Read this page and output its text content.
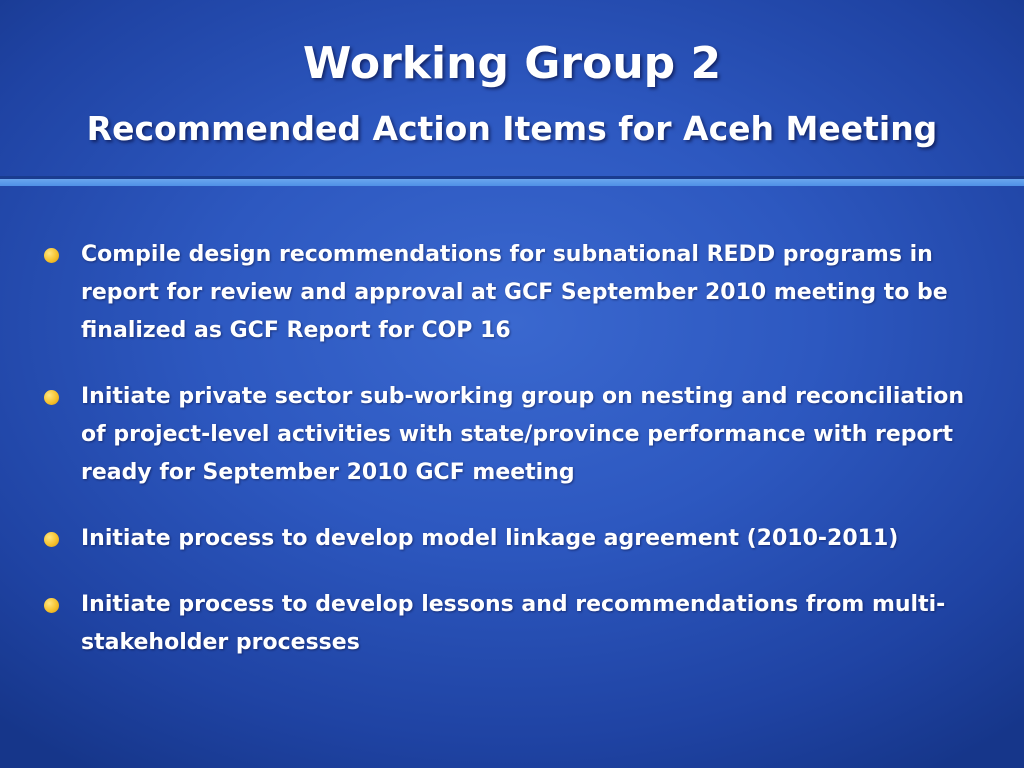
Working Group 2
Recommended Action Items for Aceh Meeting
Compile design recommendations for subnational REDD programs in report for review and approval at GCF September 2010 meeting to be finalized as GCF Report for COP 16
Initiate private sector sub-working group on nesting and reconciliation of project-level activities with state/province performance with report ready for September 2010 GCF meeting
Initiate process to develop model linkage agreement (2010-2011)
Initiate process to develop lessons and recommendations from multi-stakeholder processes
